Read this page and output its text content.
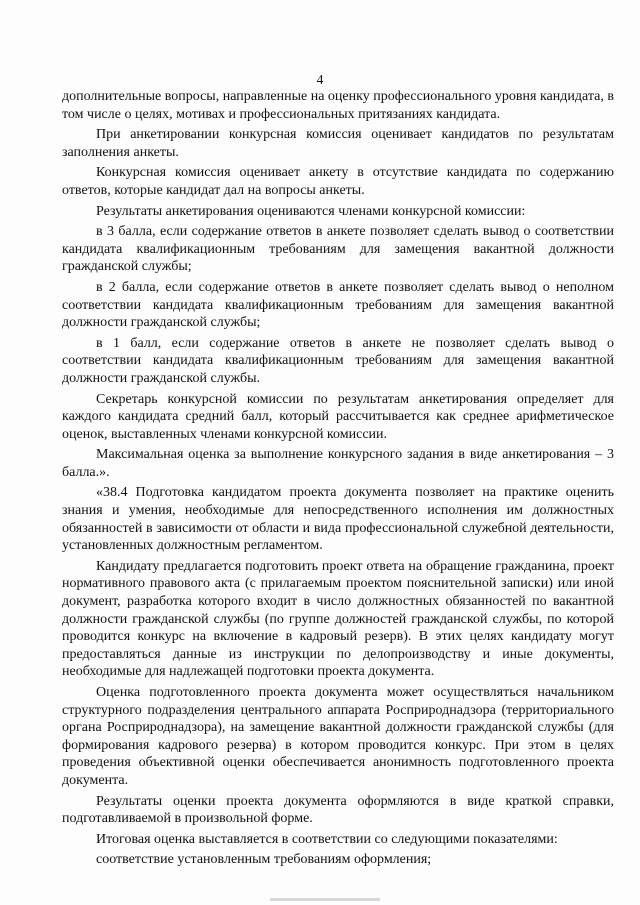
4

дополнительные вопросы, направленные на оценку профессионального уровня кандидата, в том числе о целях, мотивах и профессиональных притязаниях кандидата.

При анкетировании конкурсная комиссия оценивает кандидатов по результатам заполнения анкеты.

Конкурсная комиссия оценивает анкету в отсутствие кандидата по содержанию ответов, которые кандидат дал на вопросы анкеты.

Результаты анкетирования оцениваются членами конкурсной комиссии:

в 3 балла, если содержание ответов в анкете позволяет сделать вывод о соответствии кандидата квалификационным требованиям для замещения вакантной должности гражданской службы;

в 2 балла, если содержание ответов в анкете позволяет сделать вывод о неполном соответствии кандидата квалификационным требованиям для замещения вакантной должности гражданской службы;

в 1 балл, если содержание ответов в анкете не позволяет сделать вывод о соответствии кандидата квалификационным требованиям для замещения вакантной должности гражданской службы.

Секретарь конкурсной комиссии по результатам анкетирования определяет для каждого кандидата средний балл, который рассчитывается как среднее арифметическое оценок, выставленных членами конкурсной комиссии.

Максимальная оценка за выполнение конкурсного задания в виде анкетирования – 3 балла.».

«38.4 Подготовка кандидатом проекта документа позволяет на практике оценить знания и умения, необходимые для непосредственного исполнения им должностных обязанностей в зависимости от области и вида профессиональной служебной деятельности, установленных должностным регламентом.

Кандидату предлагается подготовить проект ответа на обращение гражданина, проект нормативного правового акта (с прилагаемым проектом пояснительной записки) или иной документ, разработка которого входит в число должностных обязанностей по вакантной должности гражданской службы (по группе должностей гражданской службы, по которой проводится конкурс на включение в кадровый резерв). В этих целях кандидату могут предоставляться данные из инструкции по делопроизводству и иные документы, необходимые для надлежащей подготовки проекта документа.

Оценка подготовленного проекта документа может осуществляться начальником структурного подразделения центрального аппарата Росприроднадзора (территориального органа Росприроднадзора), на замещение вакантной должности гражданской службы (для формирования кадрового резерва) в котором проводится конкурс. При этом в целях проведения объективной оценки обеспечивается анонимность подготовленного проекта документа.

Результаты оценки проекта документа оформляются в виде краткой справки, подготавливаемой в произвольной форме.

Итоговая оценка выставляется в соответствии со следующими показателями:

соответствие установленным требованиям оформления;
